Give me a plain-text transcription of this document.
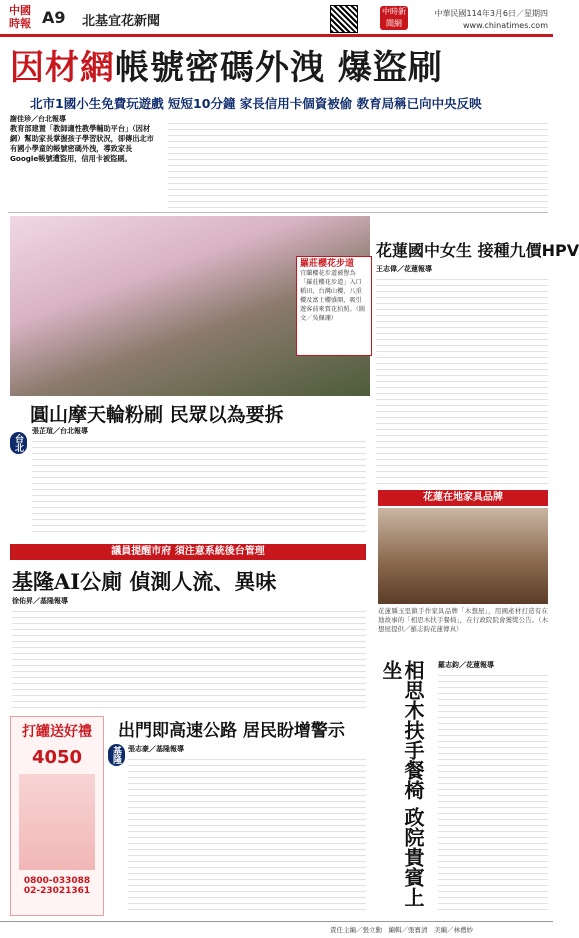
中國時報 A9 北基宜花新聞
中時新聞網
中華民國114年3月6日／星期四
www.chinatimes.com
因材網帳號密碼外洩 爆盜刷
北市1國小生免費玩遊戲 短短10分鐘 家長信用卡個資被偷 教育局稱已向中央反映
謝佳珍／台北報導
教育部建置「教師適性教學輔助平台」（因材網）幫助家長掌握孩子學習狀況，卻傳出北市有國小學童的帳號密碼外洩，導致家長Google帳號遭盜用，信用卡被盜刷。
羅莊櫻花步道
宜蘭櫻花步道被譽為「羅莊櫻花步道」入口稻田，台灣山櫻、八重櫻及富士櫻盛開，吸引遊客前來賞花拍照。（圖文／吳佩珊）
花蓮國中女生 接種九價HPV
王志偉／花蓮報導
圓山摩天輪粉刷 民眾以為要拆
台北
張芷瑄／台北報導
花蓮在地家具品牌
花蓮縣玉里鎮手作家具品牌「木想屋」，用國產材打造有在地故事的「相思木扶手餐椅」，在行政院院會獲獎公告。（木想屋提供／羅志鈞花蓮傳真）
議員提醒市府 須注意系統後台管理
基隆AI公廁 偵測人流、異味
徐佑昇／基隆報導
出門即高速公路 居民盼增警示
基隆	張志豪／基隆報導
打罐送好禮
4050
0800-033088
02-23021361	相思木扶手餐椅 政院貴賓上坐	羅志鈞／花蓮報導
責任主編／張立勳　編輯／張寶清　美編／林禮妙
